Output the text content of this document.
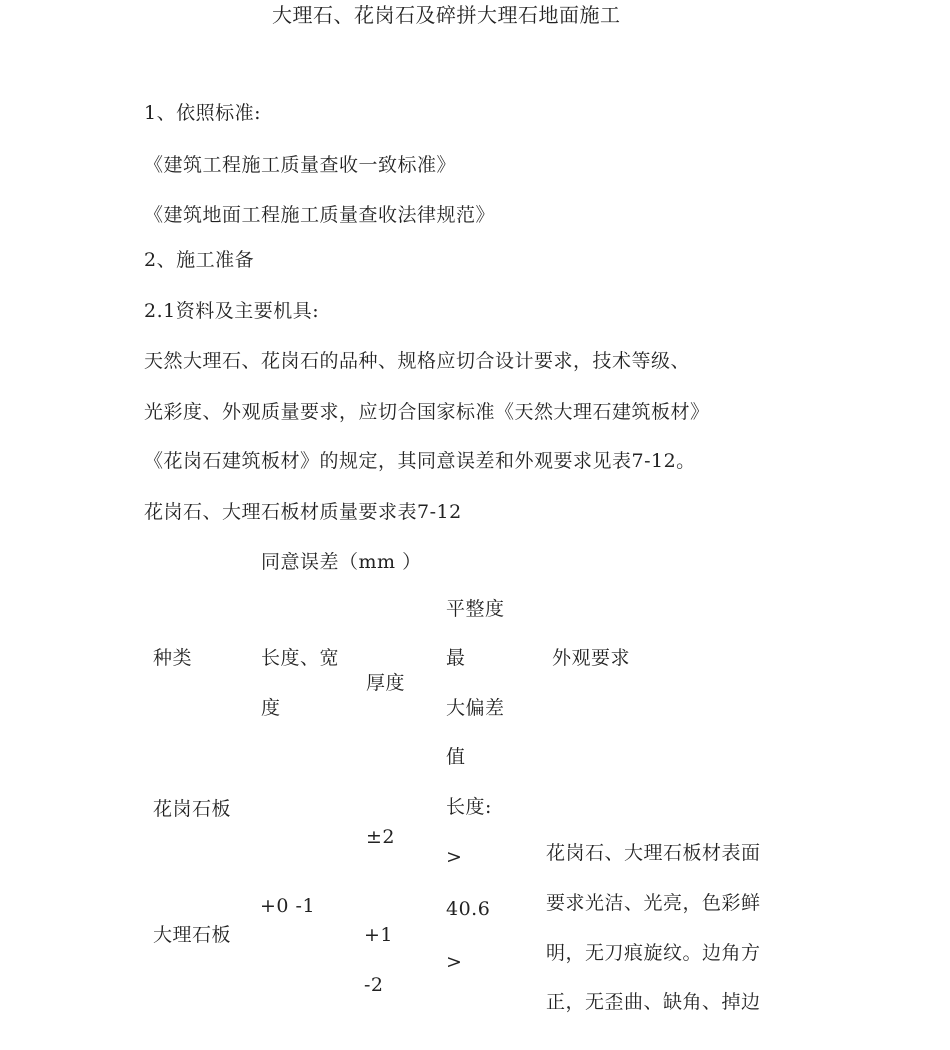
大理石、花岗石及碎拼大理石地面施工
1、依照标准:
《建筑工程施工质量查收一致标准》
《建筑地面工程施工质量查收法律规范》
2、施工准备
2.1资料及主要机具:
天然大理石、花岗石的品种、规格应切合设计要求，技术等级、
光彩度、外观质量要求，应切合国家标准《天然大理石建筑板材》
《花岗石建筑板材》的规定，其同意误差和外观要求见表7-12。
花岗石、大理石板材质量要求表7-12
同意误差（mm ）
种类	长度、宽
度
厚度
平整度
最
大偏差
值
外观要求
花岗石板
±2
长度:
>
40.6
>
花岗石、大理石板材表面
要求光洁、光亮，色彩鲜
明，无刀痕旋纹。边角方
正，无歪曲、缺角、掉边
+0 -1
大理石板	+1
-2
